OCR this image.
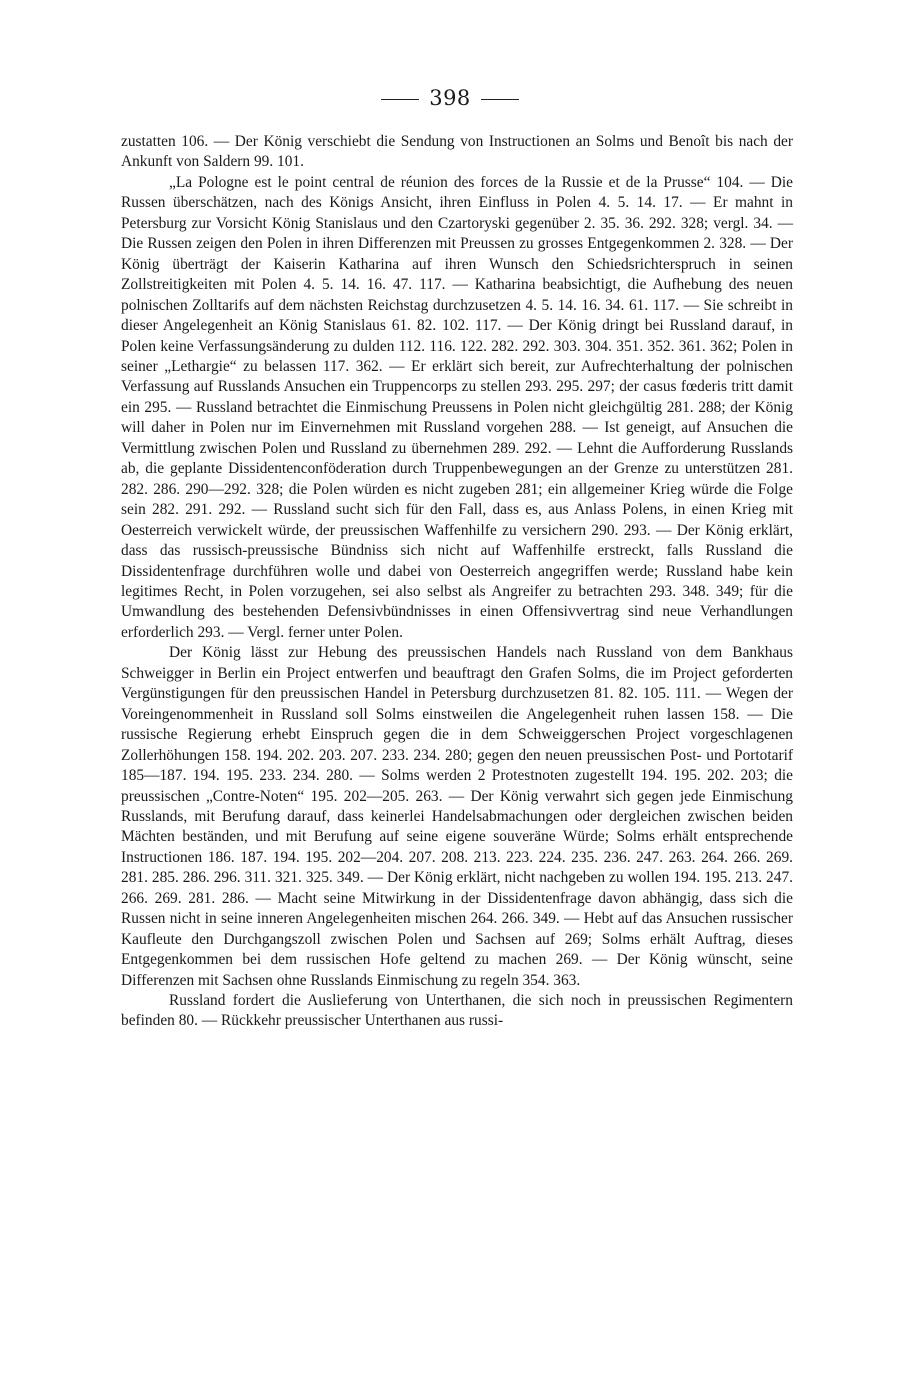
398

zustatten 106. — Der König verschiebt die Sendung von Instructionen an Solms und Benoît bis nach der Ankunft von Saldern 99. 101.

„La Pologne est le point central de réunion des forces de la Russie et de la Prusse“ 104. — Die Russen überschätzen, nach des Königs Ansicht, ihren Einfluss in Polen 4. 5. 14. 17. — Er mahnt in Petersburg zur Vorsicht König Stanislaus und den Czartoryski gegenüber 2. 35. 36. 292. 328; vergl. 34. — Die Russen zeigen den Polen in ihren Differenzen mit Preussen zu grosses Entgegenkommen 2. 328. — Der König überträgt der Kaiserin Katharina auf ihren Wunsch den Schiedsrichterspruch in seinen Zollstreitigkeiten mit Polen 4. 5. 14. 16. 47. 117. — Katharina beabsichtigt, die Aufhebung des neuen polnischen Zolltarifs auf dem nächsten Reichstag durchzusetzen 4. 5. 14. 16. 34. 61. 117. — Sie schreibt in dieser Angelegenheit an König Stanislaus 61. 82. 102. 117. — Der König dringt bei Russland darauf, in Polen keine Verfassungsänderung zu dulden 112. 116. 122. 282. 292. 303. 304. 351. 352. 361. 362; Polen in seiner „Lethargie“ zu belassen 117. 362. — Er erklärt sich bereit, zur Aufrechterhaltung der polnischen Verfassung auf Russlands Ansuchen ein Truppencorps zu stellen 293. 295. 297; der casus fœderis tritt damit ein 295. — Russland betrachtet die Einmischung Preussens in Polen nicht gleichgültig 281. 288; der König will daher in Polen nur im Einvernehmen mit Russland vorgehen 288. — Ist geneigt, auf Ansuchen die Vermittlung zwischen Polen und Russland zu übernehmen 289. 292. — Lehnt die Aufforderung Russlands ab, die geplante Dissidentenconföderation durch Truppenbewegungen an der Grenze zu unterstützen 281. 282. 286. 290—292. 328; die Polen würden es nicht zugeben 281; ein allgemeiner Krieg würde die Folge sein 282. 291. 292. — Russland sucht sich für den Fall, dass es, aus Anlass Polens, in einen Krieg mit Oesterreich verwickelt würde, der preussischen Waffenhilfe zu versichern 290. 293. — Der König erklärt, dass das russisch-preussische Bündniss sich nicht auf Waffenhilfe erstreckt, falls Russland die Dissidentenfrage durchführen wolle und dabei von Oesterreich angegriffen werde; Russland habe kein legitimes Recht, in Polen vorzugehen, sei also selbst als Angreifer zu betrachten 293. 348. 349; für die Umwandlung des bestehenden Defensivbündnisses in einen Offensivvertrag sind neue Verhandlungen erforderlich 293. — Vergl. ferner unter Polen.

Der König lässt zur Hebung des preussischen Handels nach Russland von dem Bankhaus Schweigger in Berlin ein Project entwerfen und beauftragt den Grafen Solms, die im Project geforderten Vergünstigungen für den preussischen Handel in Petersburg durchzusetzen 81. 82. 105. 111. — Wegen der Voreingenommenheit in Russland soll Solms einstweilen die Angelegenheit ruhen lassen 158. — Die russische Regierung erhebt Einspruch gegen die in dem Schweiggerschen Project vorgeschlagenen Zollerhöhungen 158. 194. 202. 203. 207. 233. 234. 280; gegen den neuen preussischen Post- und Portotarif 185—187. 194. 195. 233. 234. 280. — Solms werden 2 Protestnoten zugestellt 194. 195. 202. 203; die preussischen „Contre-Noten“ 195. 202—205. 263. — Der König verwahrt sich gegen jede Einmischung Russlands, mit Berufung darauf, dass keinerlei Handelsabmachungen oder dergleichen zwischen beiden Mächten beständen, und mit Berufung auf seine eigene souveräne Würde; Solms erhält entsprechende Instructionen 186. 187. 194. 195. 202—204. 207. 208. 213. 223. 224. 235. 236. 247. 263. 264. 266. 269. 281. 285. 286. 296. 311. 321. 325. 349. — Der König erklärt, nicht nachgeben zu wollen 194. 195. 213. 247. 266. 269. 281. 286. — Macht seine Mitwirkung in der Dissidentenfrage davon abhängig, dass sich die Russen nicht in seine inneren Angelegenheiten mischen 264. 266. 349. — Hebt auf das Ansuchen russischer Kaufleute den Durchgangszoll zwischen Polen und Sachsen auf 269; Solms erhält Auftrag, dieses Entgegenkommen bei dem russischen Hofe geltend zu machen 269. — Der König wünscht, seine Differenzen mit Sachsen ohne Russlands Einmischung zu regeln 354. 363.

Russland fordert die Auslieferung von Unterthanen, die sich noch in preussischen Regimentern befinden 80. — Rückkehr preussischer Unterthanen aus russi-
